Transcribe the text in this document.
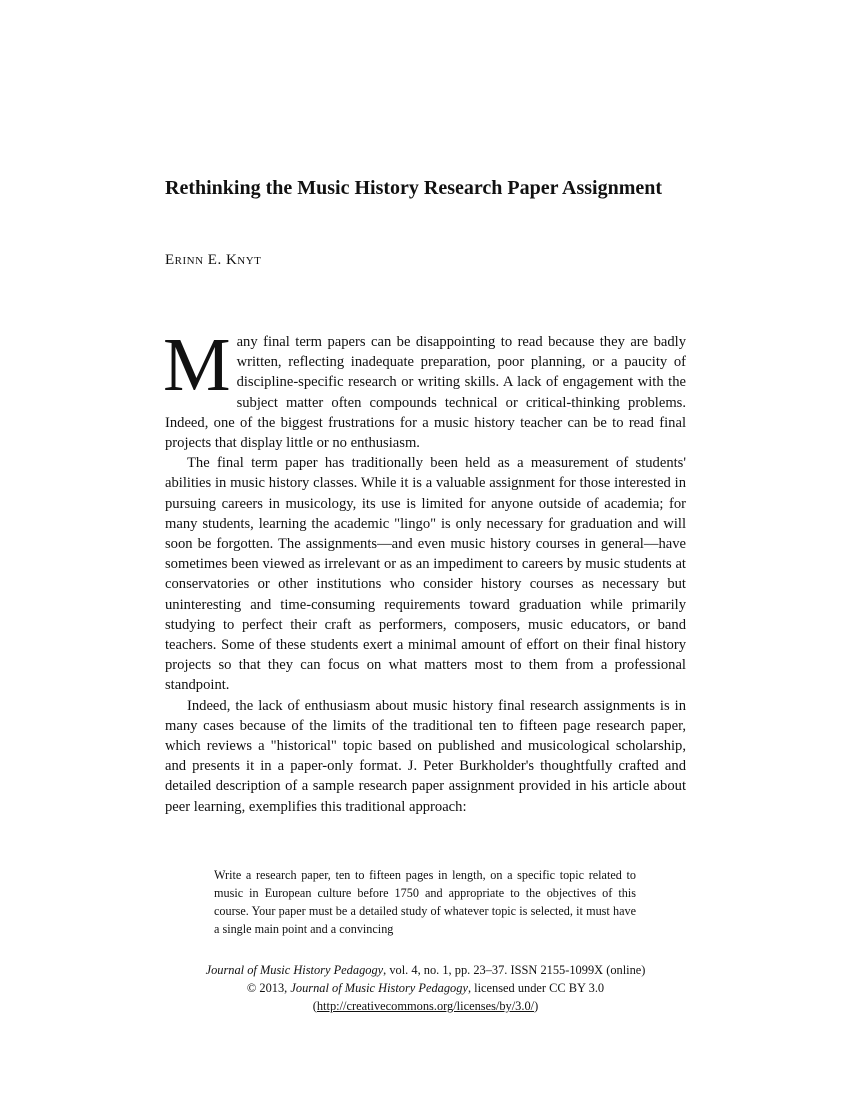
Rethinking the Music History Research Paper Assignment
Erinn E. Knyt

Many final term papers can be disappointing to read because they are badly written, reflecting inadequate preparation, poor planning, or a paucity of discipline-specific research or writing skills. A lack of engagement with the subject matter often compounds technical or critical-thinking problems. Indeed, one of the biggest frustrations for a music history teacher can be to read final projects that display little or no enthusiasm.

The final term paper has traditionally been held as a measurement of students' abilities in music history classes. While it is a valuable assignment for those interested in pursuing careers in musicology, its use is limited for anyone outside of academia; for many students, learning the academic "lingo" is only necessary for graduation and will soon be forgotten. The assignments—and even music history courses in general—have sometimes been viewed as irrelevant or as an impediment to careers by music students at conservatories or other institutions who consider history courses as necessary but uninteresting and time-consuming requirements toward graduation while primarily studying to perfect their craft as performers, composers, music educators, or band teachers. Some of these students exert a minimal amount of effort on their final history projects so that they can focus on what matters most to them from a professional standpoint.

Indeed, the lack of enthusiasm about music history final research assignments is in many cases because of the limits of the traditional ten to fifteen page research paper, which reviews a "historical" topic based on published and musicological scholarship, and presents it in a paper-only format. J. Peter Burkholder's thoughtfully crafted and detailed description of a sample research paper assignment provided in his article about peer learning, exemplifies this traditional approach:

Write a research paper, ten to fifteen pages in length, on a specific topic related to music in European culture before 1750 and appropriate to the objectives of this course. Your paper must be a detailed study of whatever topic is selected, it must have a single main point and a convincing

Journal of Music History Pedagogy, vol. 4, no. 1, pp. 23–37. ISSN 2155-1099X (online)
© 2013, Journal of Music History Pedagogy, licensed under CC BY 3.0
(http://creativecommons.org/licenses/by/3.0/)
